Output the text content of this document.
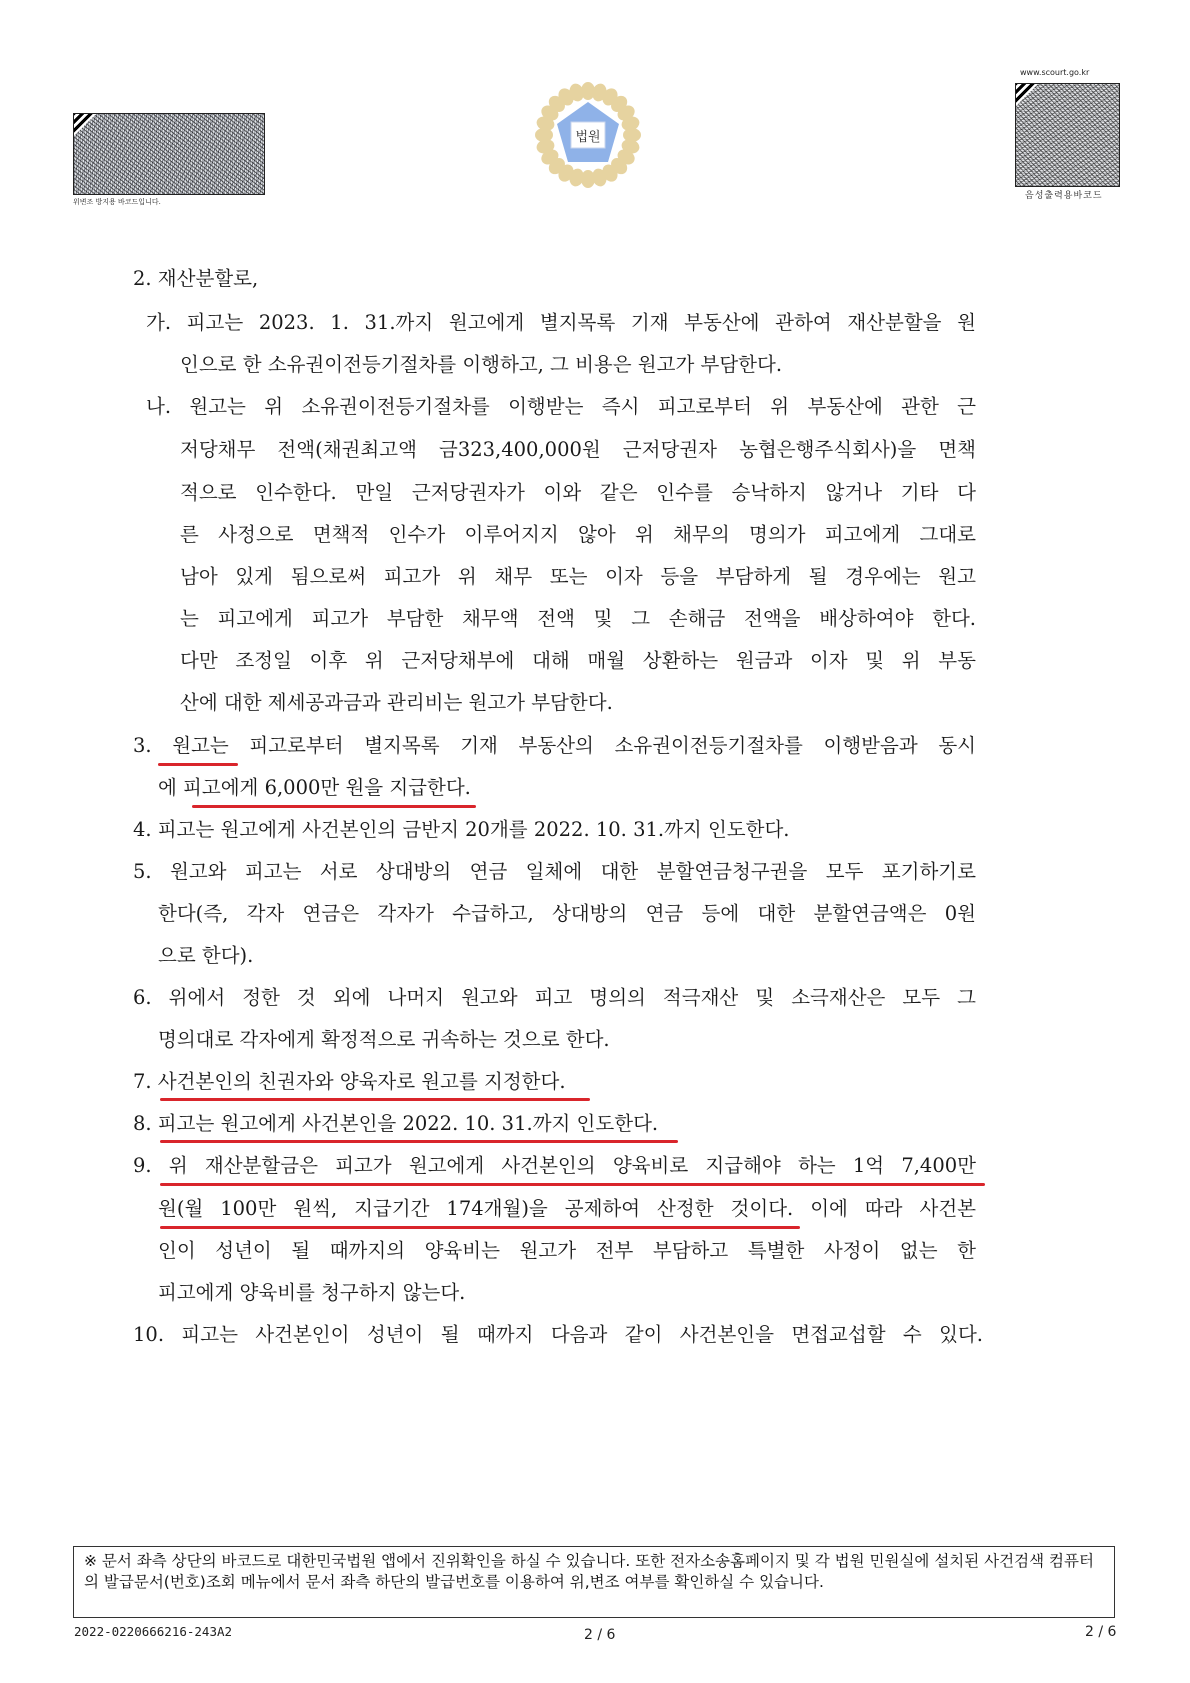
위변조 방지용 바코드입니다.
법원
www.scourt.go.kr
음성출력용바코드
2. 재산분할로,
가. 피고는 2023. 1. 31.까지 원고에게 별지목록 기재 부동산에 관하여 재산분할을 원
인으로 한 소유권이전등기절차를 이행하고, 그 비용은 원고가 부담한다.
나. 원고는 위 소유권이전등기절차를 이행받는 즉시 피고로부터 위 부동산에 관한 근
저당채무 전액(채권최고액 금323,400,000원 근저당권자 농협은행주식회사)을 면책
적으로 인수한다. 만일 근저당권자가 이와 같은 인수를 승낙하지 않거나 기타 다
른 사정으로 면책적 인수가 이루어지지 않아 위 채무의 명의가 피고에게 그대로
남아 있게 됨으로써 피고가 위 채무 또는 이자 등을 부담하게 될 경우에는 원고
는 피고에게 피고가 부담한 채무액 전액 및 그 손해금 전액을 배상하여야 한다.
다만 조정일 이후 위 근저당채부에 대해 매월 상환하는 원금과 이자 및 위 부동
산에 대한 제세공과금과 관리비는 원고가 부담한다.
3. 원고는 피고로부터 별지목록 기재 부동산의 소유권이전등기절차를 이행받음과 동시
에 피고에게 6,000만 원을 지급한다.
4. 피고는 원고에게 사건본인의 금반지 20개를 2022. 10. 31.까지 인도한다.
5. 원고와 피고는 서로 상대방의 연금 일체에 대한 분할연금청구권을 모두 포기하기로
한다(즉, 각자 연금은 각자가 수급하고, 상대방의 연금 등에 대한 분할연금액은 0원
으로 한다).
6. 위에서 정한 것 외에 나머지 원고와 피고 명의의 적극재산 및 소극재산은 모두 그
명의대로 각자에게 확정적으로 귀속하는 것으로 한다.
7. 사건본인의 친권자와 양육자로 원고를 지정한다.
8. 피고는 원고에게 사건본인을 2022. 10. 31.까지 인도한다.
9. 위 재산분할금은 피고가 원고에게 사건본인의 양육비로 지급해야 하는 1억 7,400만
원(월 100만 원씩, 지급기간 174개월)을 공제하여 산정한 것이다. 이에 따라 사건본
인이 성년이 될 때까지의 양육비는 원고가 전부 부담하고 특별한 사정이 없는 한
피고에게 양육비를 청구하지 않는다.
10. 피고는 사건본인이 성년이 될 때까지 다음과 같이 사건본인을 면접교섭할 수 있다.
※ 문서 좌측 상단의 바코드로 대한민국법원 앱에서 진위확인을 하실 수 있습니다. 또한 전자소송홈페이지 및 각 법원 민원실에 설치된 사건검색 컴퓨터의 발급문서(번호)조회 메뉴에서 문서 좌측 하단의 발급번호를 이용하여 위,변조 여부를 확인하실 수 있습니다.
2022-0220666216-243A2	2 / 6	2 / 6
